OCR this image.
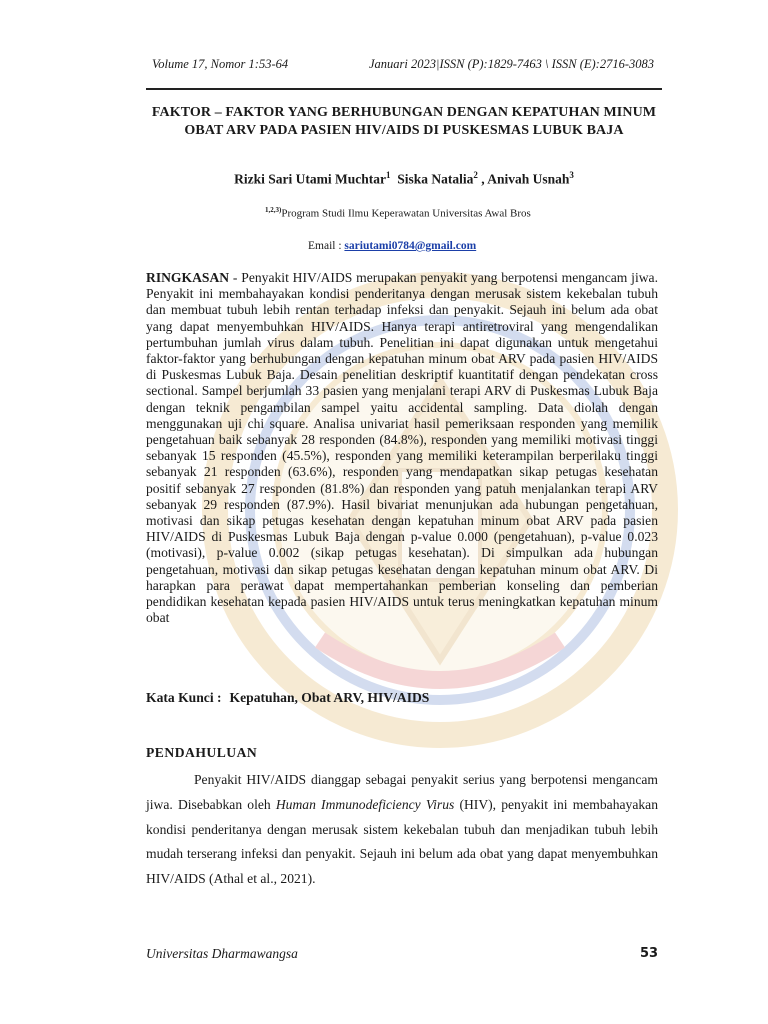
Volume 17, Nomor 1:53-64	Januari 2023|ISSN (P):1829-7463 \ ISSN (E):2716-3083
FAKTOR – FAKTOR YANG BERHUBUNGAN DENGAN KEPATUHAN MINUM OBAT ARV PADA PASIEN HIV/AIDS DI PUSKESMAS LUBUK BAJA
Rizki Sari Utami Muchtar$^1$ Siska Natalia$^2$ , Anivah Usnah$^3$
$^{1,2,3)}$Program Studi Ilmu Keperawatan Universitas Awal Bros
Email : sariutami0784@gmail.com
RINGKASAN - Penyakit HIV/AIDS merupakan penyakit yang berpotensi mengancam jiwa. Penyakit ini membahayakan kondisi penderitanya dengan merusak sistem kekebalan tubuh dan membuat tubuh lebih rentan terhadap infeksi dan penyakit. Sejauh ini belum ada obat yang dapat menyembuhkan HIV/AIDS. Hanya terapi antiretroviral yang mengendalikan pertumbuhan jumlah virus dalam tubuh. Penelitian ini dapat digunakan untuk mengetahui faktor-faktor yang berhubungan dengan kepatuhan minum obat ARV pada pasien HIV/AIDS di Puskesmas Lubuk Baja. Desain penelitian deskriptif kuantitatif dengan pendekatan cross sectional. Sampel berjumlah 33 pasien yang menjalani terapi ARV di Puskesmas Lubuk Baja dengan teknik pengambilan sampel yaitu accidental sampling. Data diolah dengan menggunakan uji chi square. Analisa univariat hasil pemeriksaan responden yang memilik pengetahuan baik sebanyak 28 responden (84.8%), responden yang memiliki motivasi tinggi sebanyak 15 responden (45.5%), responden yang memiliki keterampilan berperilaku tinggi sebanyak 21 responden (63.6%), responden yang mendapatkan sikap petugas kesehatan positif sebanyak 27 responden (81.8%) dan responden yang patuh menjalankan terapi ARV sebanyak 29 responden (87.9%). Hasil bivariat menunjukan ada hubungan pengetahuan, motivasi dan sikap petugas kesehatan dengan kepatuhan minum obat ARV pada pasien HIV/AIDS di Puskesmas Lubuk Baja dengan p-value 0.000 (pengetahuan), p-value 0.023 (motivasi), p-value 0.002 (sikap petugas kesehatan). Di simpulkan ada hubungan pengetahuan, motivasi dan sikap petugas kesehatan dengan kepatuhan minum obat ARV. Di harapkan para perawat dapat mempertahankan pemberian konseling dan pemberian pendidikan kesehatan kepada pasien HIV/AIDS untuk terus meningkatkan kepatuhan minum obat
Kata Kunci : Kepatuhan, Obat ARV, HIV/AIDS
PENDAHULUAN
Penyakit HIV/AIDS dianggap sebagai penyakit serius yang berpotensi mengancam jiwa. Disebabkan oleh Human Immunodeficiency Virus (HIV), penyakit ini membahayakan kondisi penderitanya dengan merusak sistem kekebalan tubuh dan menjadikan tubuh lebih mudah terserang infeksi dan penyakit. Sejauh ini belum ada obat yang dapat menyembuhkan HIV/AIDS (Athal et al., 2021).
Universitas Dharmawangsa	53
